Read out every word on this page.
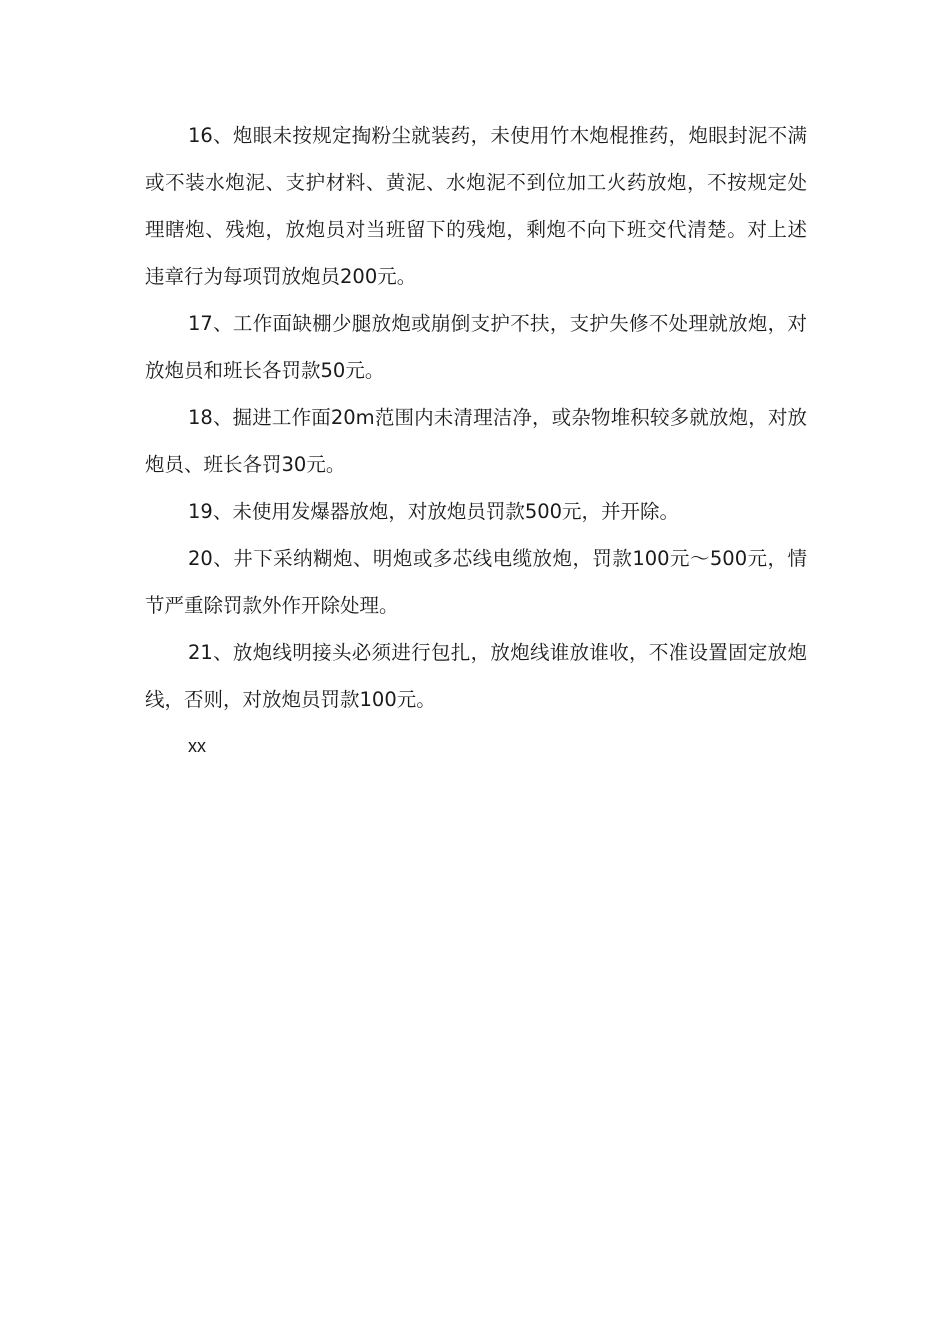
16、炮眼未按规定掏粉尘就装药，未使用竹木炮棍推药，炮眼封泥不满或不装水炮泥、支护材料、黄泥、水炮泥不到位加工火药放炮，不按规定处理瞎炮、残炮，放炮员对当班留下的残炮，剩炮不向下班交代清楚。对上述违章行为每项罚放炮员200元。

17、工作面缺棚少腿放炮或崩倒支护不扶，支护失修不处理就放炮，对放炮员和班长各罚款50元。

18、掘进工作面20m范围内未清理洁净，或杂物堆积较多就放炮，对放炮员、班长各罚30元。

19、未使用发爆器放炮，对放炮员罚款500元，并开除。

20、井下采纳糊炮、明炮或多芯线电缆放炮，罚款100元～500元，情节严重除罚款外作开除处理。

21、放炮线明接头必须进行包扎，放炮线谁放谁收，不准设置固定放炮线，否则，对放炮员罚款100元。

xx
